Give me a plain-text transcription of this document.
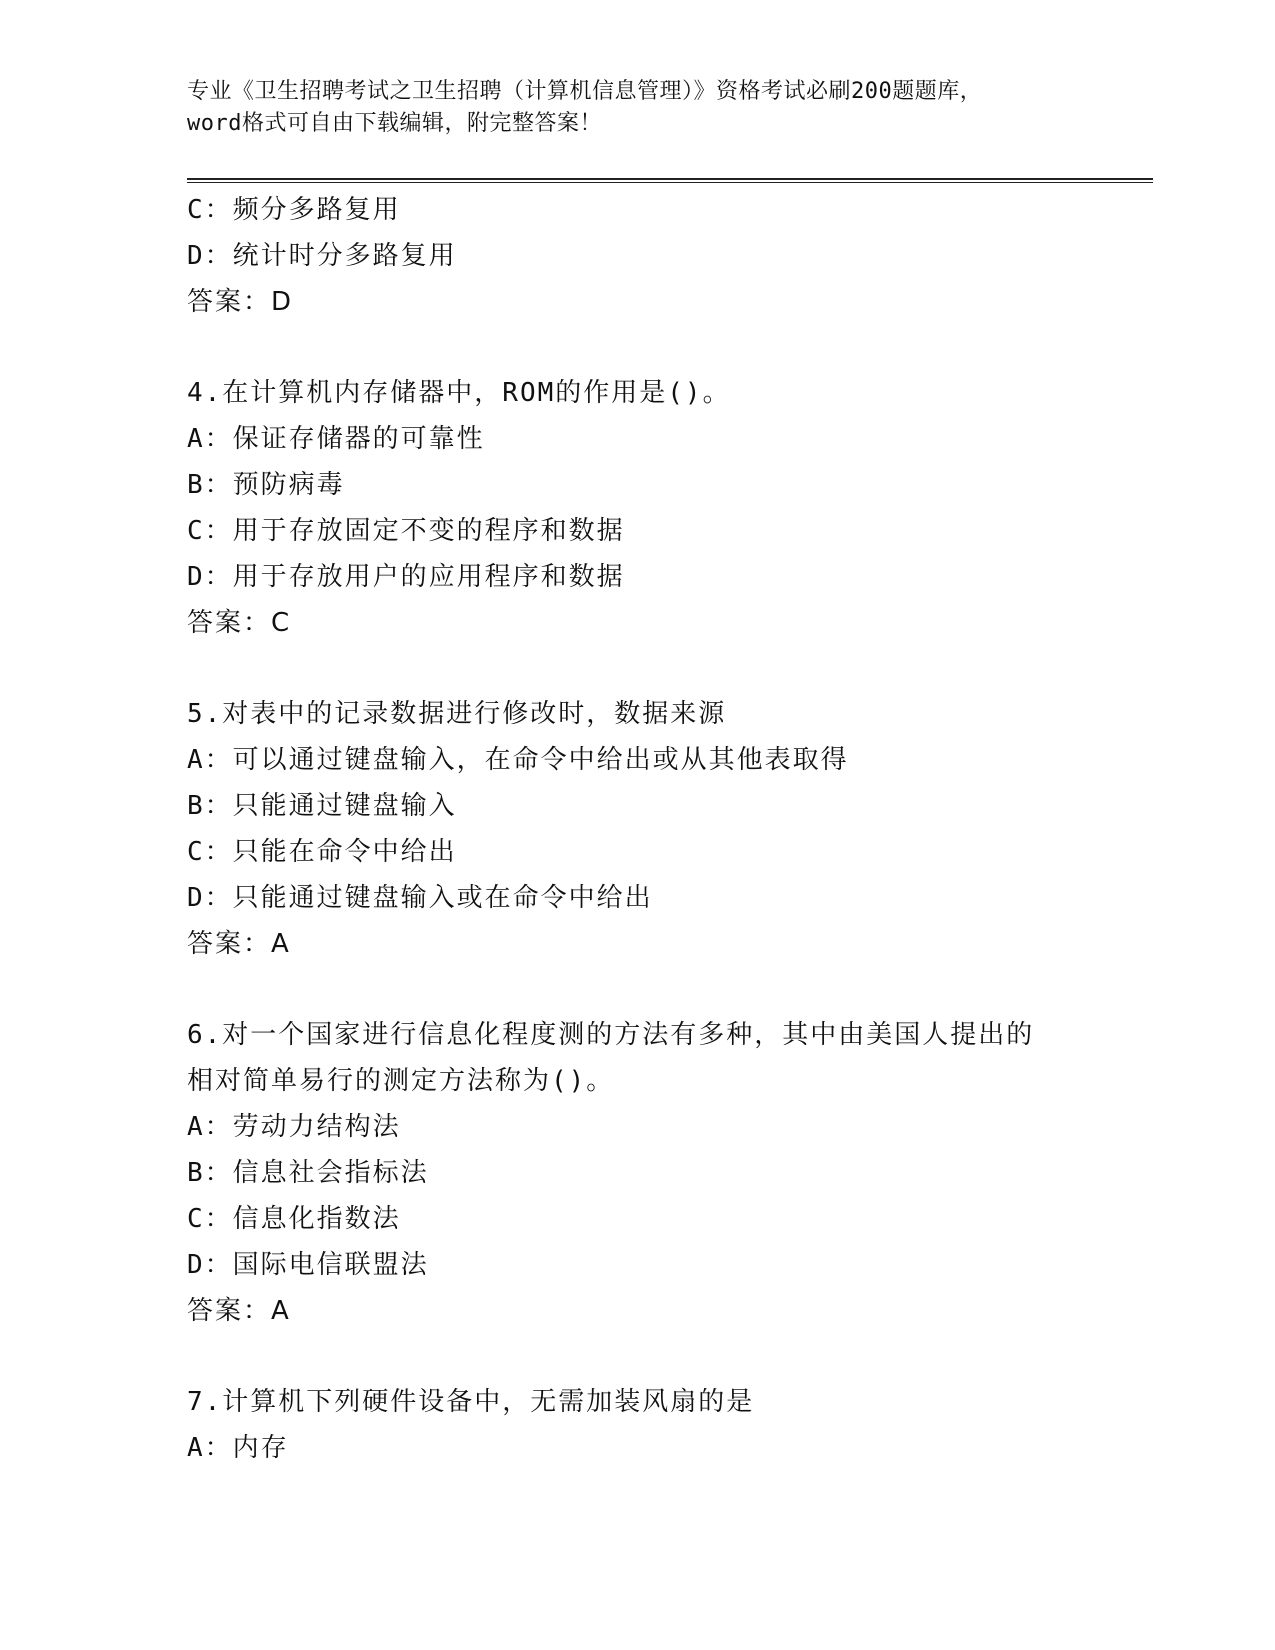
专业《卫生招聘考试之卫生招聘（计算机信息管理）》资格考试必刷200题题库，
word格式可自由下载编辑，附完整答案！
C：频分多路复用
D：统计时分多路复用
答案：D
4.在计算机内存储器中，ROM的作用是()。
A：保证存储器的可靠性
B：预防病毒
C：用于存放固定不变的程序和数据
D：用于存放用户的应用程序和数据
答案：C
5.对表中的记录数据进行修改时，数据来源
A：可以通过键盘输入，在命令中给出或从其他表取得
B：只能通过键盘输入
C：只能在命令中给出
D：只能通过键盘输入或在命令中给出
答案：A
6.对一个国家进行信息化程度测的方法有多种，其中由美国人提出的
相对简单易行的测定方法称为()。
A：劳动力结构法
B：信息社会指标法
C：信息化指数法
D：国际电信联盟法
答案：A
7.计算机下列硬件设备中，无需加装风扇的是
A：内存
